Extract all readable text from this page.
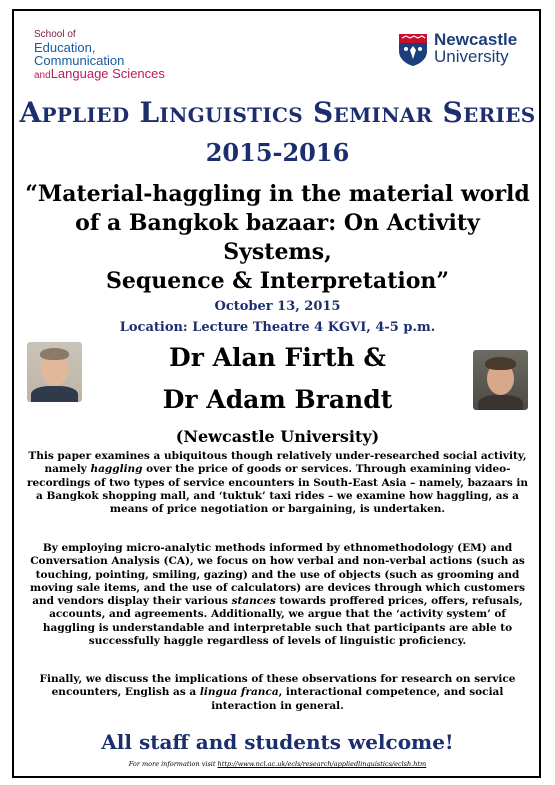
School of
Education,
Communication
andLanguage Sciences
Newcastle
University
Applied Linguistics Seminar Series
2015-2016
“Material-haggling in the material world
of a Bangkok bazaar: On Activity Systems,
Sequence & Interpretation”
October 13, 2015
Location: Lecture Theatre 4 KGVI, 4-5 p.m.
Dr Alan Firth &
Dr Adam Brandt
(Newcastle University)
This paper examines a ubiquitous though relatively under-researched social activity, namely haggling over the price of goods or services. Through examining video-recordings of two types of service encounters in South-East Asia – namely, bazaars in a Bangkok shopping mall, and ‘tuktuk’ taxi rides – we examine how haggling, as a means of price negotiation or bargaining, is undertaken.
By employing micro-analytic methods informed by ethnomethodology (EM) and Conversation Analysis (CA), we focus on how verbal and non-verbal actions (such as touching, pointing, smiling, gazing) and the use of objects (such as grooming and moving sale items, and the use of calculators) are devices through which customers and vendors display their various stances towards proffered prices, offers, refusals, accounts, and agreements. Additionally, we argue that the ‘activity system’ of haggling is understandable and interpretable such that participants are able to successfully haggle regardless of levels of linguistic proficiency.
Finally, we discuss the implications of these observations for research on service encounters, English as a lingua franca, interactional competence, and social interaction in general.
All staff and students welcome!
For more information visit http://www.ncl.ac.uk/ecls/research/appliedlinguistics/eclsh.htm
